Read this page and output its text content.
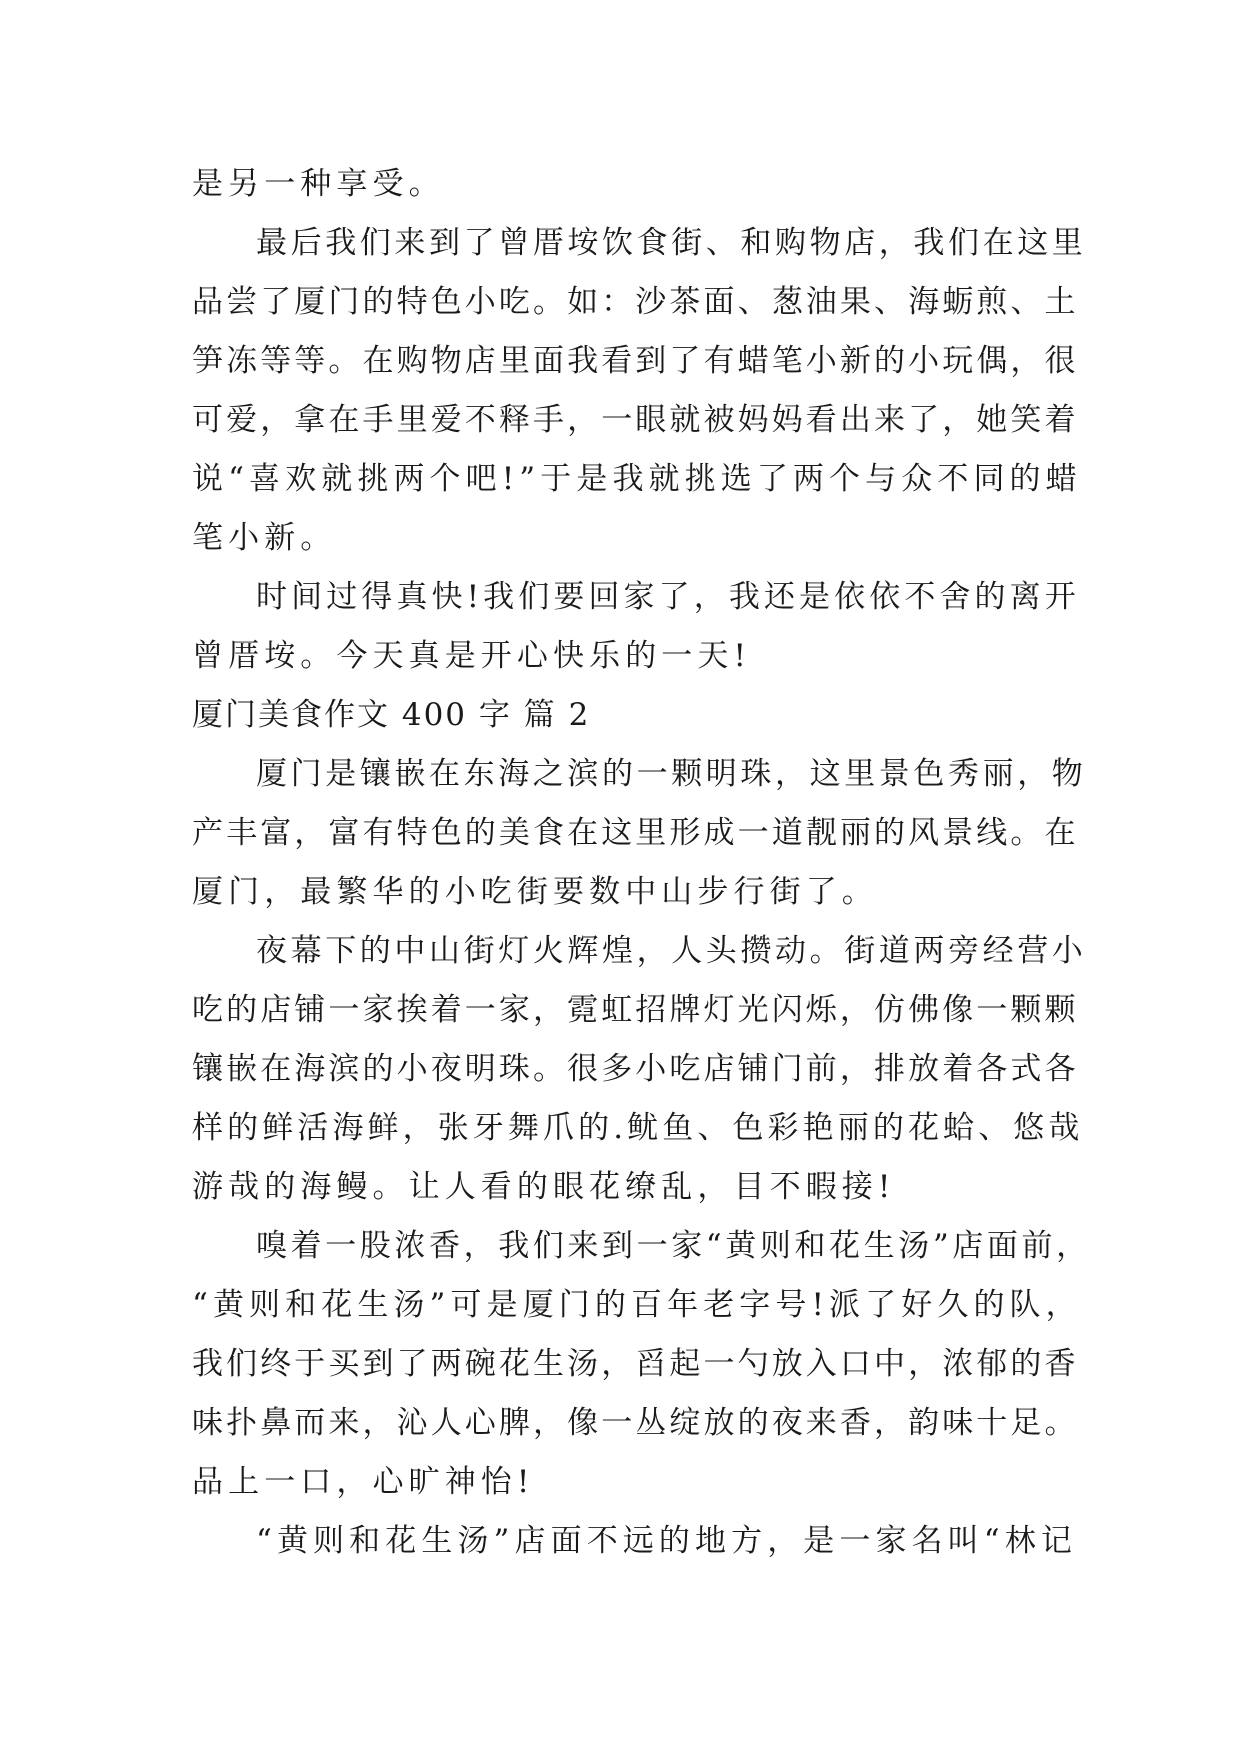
是另一种享受。
最后我们来到了曾厝垵饮食街、和购物店，我们在这里
品尝了厦门的特色小吃。如：沙茶面、葱油果、海蛎煎、土
笋冻等等。在购物店里面我看到了有蜡笔小新的小玩偶，很
可爱，拿在手里爱不释手，一眼就被妈妈看出来了，她笑着
说“喜欢就挑两个吧!”于是我就挑选了两个与众不同的蜡
笔小新。
时间过得真快!我们要回家了，我还是依依不舍的离开
曾厝垵。今天真是开心快乐的一天!
厦门美食作文 400 字 篇 2
厦门是镶嵌在东海之滨的一颗明珠，这里景色秀丽，物
产丰富，富有特色的美食在这里形成一道靓丽的风景线。在
厦门，最繁华的小吃街要数中山步行街了。
夜幕下的中山街灯火辉煌，人头攒动。街道两旁经营小
吃的店铺一家挨着一家，霓虹招牌灯光闪烁，仿佛像一颗颗
镶嵌在海滨的小夜明珠。很多小吃店铺门前，排放着各式各
样的鲜活海鲜，张牙舞爪的.鱿鱼、色彩艳丽的花蛤、悠哉
游哉的海鳗。让人看的眼花缭乱，目不暇接!
嗅着一股浓香，我们来到一家“黄则和花生汤”店面前，
“黄则和花生汤”可是厦门的百年老字号!派了好久的队，
我们终于买到了两碗花生汤，舀起一勺放入口中，浓郁的香
味扑鼻而来，沁人心脾，像一丛绽放的夜来香，韵味十足。
品上一口，心旷神怡!
“黄则和花生汤”店面不远的地方，是一家名叫“林记
